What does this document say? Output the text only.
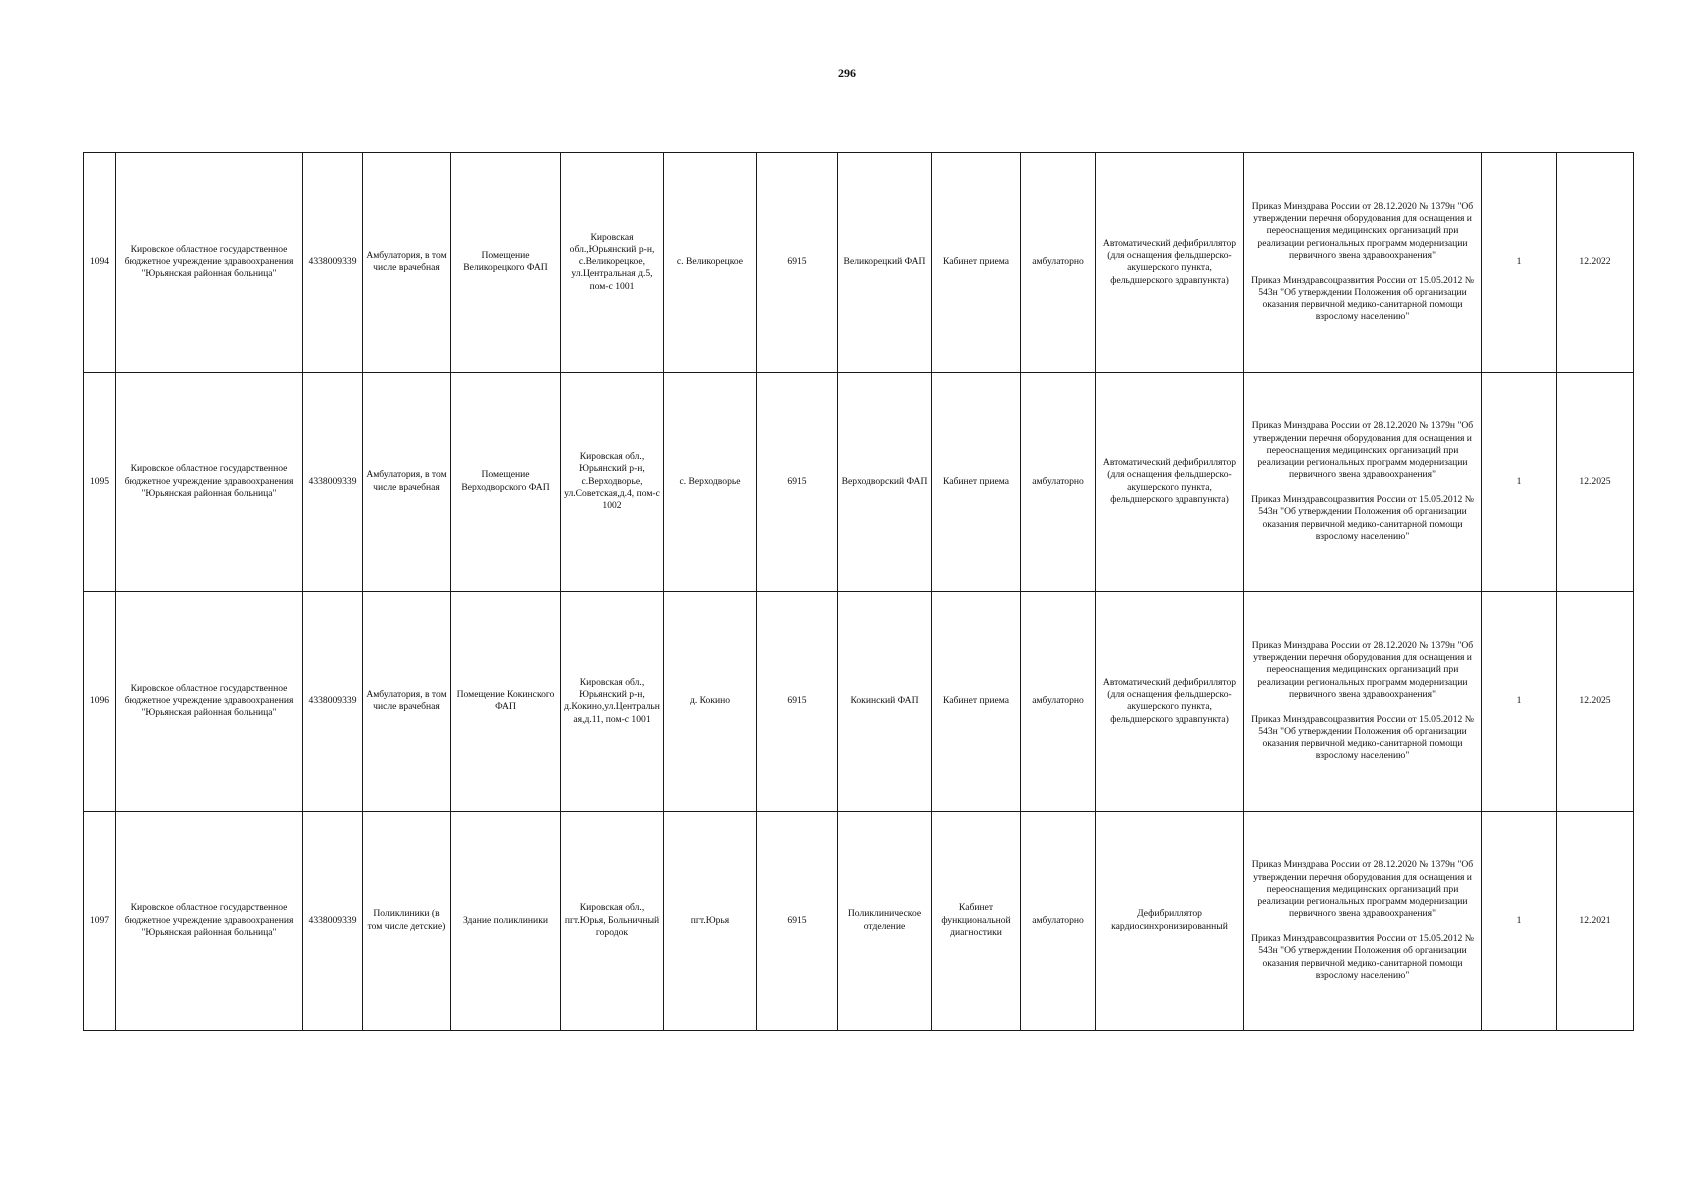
296
1094	Кировское областное государственное бюджетное учреждение здравоохранения "Юрьянская районная больница"	4338009339	Амбулатория, в том числе врачебная	Помещение Великорецкого ФАП	Кировская обл.,Юрьянский р-н, с.Великорецкое, ул.Центральная д.5, пом-с 1001	с. Великорецкое	6915	Великорецкий ФАП	Кабинет приема	амбулаторно	Автоматический дефибриллятор (для оснащения фельдшерско-акушерского пункта, фельдшерского здравпункта)	Приказ Минздрава России от 28.12.2020 № 1379н "Об утверждении перечня оборудования для оснащения и переоснащения медицинских организаций при реализации региональных программ модернизации первичного звена здравоохранения"

Приказ Минздравсоцразвития России от 15.05.2012 № 543н "Об утверждении Положения об организации оказания первичной медико-санитарной помощи взрослому населению"	1	12.2022
1095	Кировское областное государственное бюджетное учреждение здравоохранения "Юрьянская районная больница"	4338009339	Амбулатория, в том числе врачебная	Помещение Верходворского ФАП	Кировская обл., Юрьянский р-н, с.Верходворье, ул.Советская,д.4, пом-с 1002	с. Верходворье	6915	Верходворский ФАП	Кабинет приема	амбулаторно	Автоматический дефибриллятор (для оснащения фельдшерско-акушерского пункта, фельдшерского здравпункта)	Приказ Минздрава России от 28.12.2020 № 1379н "Об утверждении перечня оборудования для оснащения и переоснащения медицинских организаций при реализации региональных программ модернизации первичного звена здравоохранения"

Приказ Минздравсоцразвития России от 15.05.2012 № 543н "Об утверждении Положения об организации оказания первичной медико-санитарной помощи взрослому населению"	1	12.2025
1096	Кировское областное государственное бюджетное учреждение здравоохранения "Юрьянская районная больница"	4338009339	Амбулатория, в том числе врачебная	Помещение Кокинского ФАП	Кировская обл., Юрьянский р-н, д.Кокино,ул.Центральная,д.11, пом-с 1001	д. Кокино	6915	Кокинский ФАП	Кабинет приема	амбулаторно	Автоматический дефибриллятор (для оснащения фельдшерско-акушерского пункта, фельдшерского здравпункта)	Приказ Минздрава России от 28.12.2020 № 1379н "Об утверждении перечня оборудования для оснащения и переоснащения медицинских организаций при реализации региональных программ модернизации первичного звена здравоохранения"

Приказ Минздравсоцразвития России от 15.05.2012 № 543н "Об утверждении Положения об организации оказания первичной медико-санитарной помощи взрослому населению"	1	12.2025
1097	Кировское областное государственное бюджетное учреждение здравоохранения "Юрьянская районная больница"	4338009339	Поликлиники (в том числе детские)	Здание поликлиники	Кировская обл., пгт.Юрья, Больничный городок	пгт.Юрья	6915	Поликлиническое отделение	Кабинет функциональной диагностики	амбулаторно	Дефибриллятор кардиосинхронизированный	Приказ Минздрава России от 28.12.2020 № 1379н "Об утверждении перечня оборудования для оснащения и переоснащения медицинских организаций при реализации региональных программ модернизации первичного звена здравоохранения"

Приказ Минздравсоцразвития России от 15.05.2012 № 543н "Об утверждении Положения об организации оказания первичной медико-санитарной помощи взрослому населению"	1	12.2021
